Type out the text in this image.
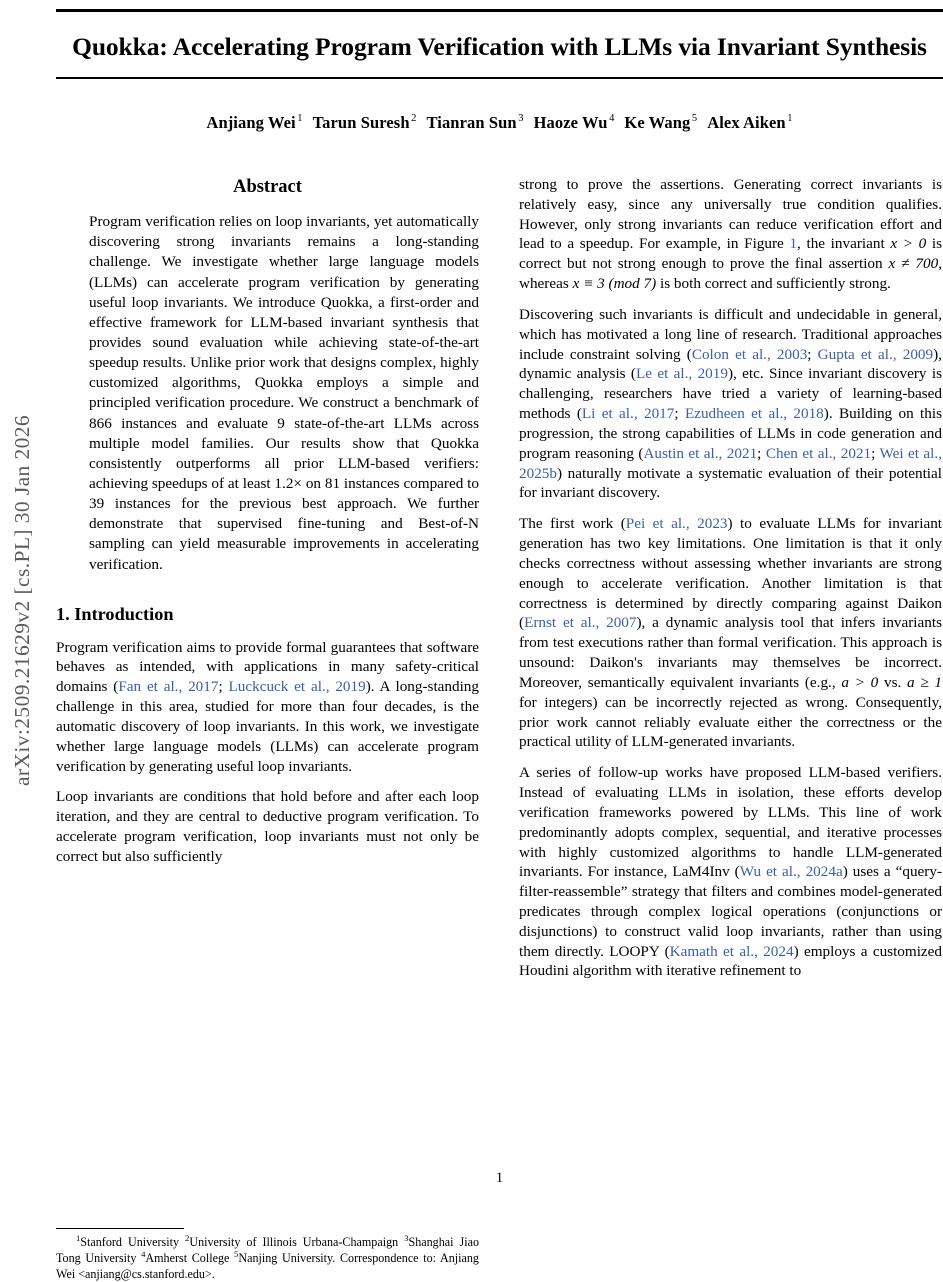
arXiv:2509.21629v2 [cs.PL] 30 Jan 2026
Quokka: Accelerating Program Verification with LLMs via Invariant Synthesis
Anjiang Wei $^1$ Tarun Suresh $^2$ Tianran Sun $^3$ Haoze Wu $^4$ Ke Wang $^5$ Alex Aiken $^1$
Abstract
Program verification relies on loop invariants, yet automatically discovering strong invariants remains a long-standing challenge. We investigate whether large language models (LLMs) can accelerate program verification by generating useful loop invariants. We introduce Quokka, a first-order and effective framework for LLM-based invariant synthesis that provides sound evaluation while achieving state-of-the-art speedup results. Unlike prior work that designs complex, highly customized algorithms, Quokka employs a simple and principled verification procedure. We construct a benchmark of 866 instances and evaluate 9 state-of-the-art LLMs across multiple model families. Our results show that Quokka consistently outperforms all prior LLM-based verifiers: achieving speedups of at least 1.2× on 81 instances compared to 39 instances for the previous best approach. We further demonstrate that supervised fine-tuning and Best-of-N sampling can yield measurable improvements in accelerating verification.
1. Introduction

Program verification aims to provide formal guarantees that software behaves as intended, with applications in many safety-critical domains (Fan et al., 2017; Luckcuck et al., 2019). A long-standing challenge in this area, studied for more than four decades, is the automatic discovery of loop invariants. In this work, we investigate whether large language models (LLMs) can accelerate program verification by generating useful loop invariants.

Loop invariants are conditions that hold before and after each loop iteration, and they are central to deductive program verification. To accelerate program verification, loop invariants must not only be correct but also sufficiently

$^1$Stanford University $^2$University of Illinois Urbana-Champaign $^3$Shanghai Jiao Tong University $^4$Amherst College $^5$Nanjing University. Correspondence to: Anjiang Wei <anjiang@cs.stanford.edu>.

strong to prove the assertions. Generating correct invariants is relatively easy, since any universally true condition qualifies. However, only strong invariants can reduce verification effort and lead to a speedup. For example, in Figure 1, the invariant x > 0 is correct but not strong enough to prove the final assertion x ≠ 700, whereas x ≡ 3 (mod 7) is both correct and sufficiently strong.

Discovering such invariants is difficult and undecidable in general, which has motivated a long line of research. Traditional approaches include constraint solving (Colon et al., 2003; Gupta et al., 2009), dynamic analysis (Le et al., 2019), etc. Since invariant discovery is challenging, researchers have tried a variety of learning-based methods (Li et al., 2017; Ezudheen et al., 2018). Building on this progression, the strong capabilities of LLMs in code generation and program reasoning (Austin et al., 2021; Chen et al., 2021; Wei et al., 2025b) naturally motivate a systematic evaluation of their potential for invariant discovery.

The first work (Pei et al., 2023) to evaluate LLMs for invariant generation has two key limitations. One limitation is that it only checks correctness without assessing whether invariants are strong enough to accelerate verification. Another limitation is that correctness is determined by directly comparing against Daikon (Ernst et al., 2007), a dynamic analysis tool that infers invariants from test executions rather than formal verification. This approach is unsound: Daikon's invariants may themselves be incorrect. Moreover, semantically equivalent invariants (e.g., a > 0 vs. a ≥ 1 for integers) can be incorrectly rejected as wrong. Consequently, prior work cannot reliably evaluate either the correctness or the practical utility of LLM-generated invariants.

A series of follow-up works have proposed LLM-based verifiers. Instead of evaluating LLMs in isolation, these efforts develop verification frameworks powered by LLMs. This line of work predominantly adopts complex, sequential, and iterative processes with highly customized algorithms to handle LLM-generated invariants. For instance, LaM4Inv (Wu et al., 2024a) uses a “query-filter-reassemble” strategy that filters and combines model-generated predicates through complex logical operations (conjunctions or disjunctions) to construct valid loop invariants, rather than using them directly. LOOPY (Kamath et al., 2024) employs a customized Houdini algorithm with iterative refinement to

1
